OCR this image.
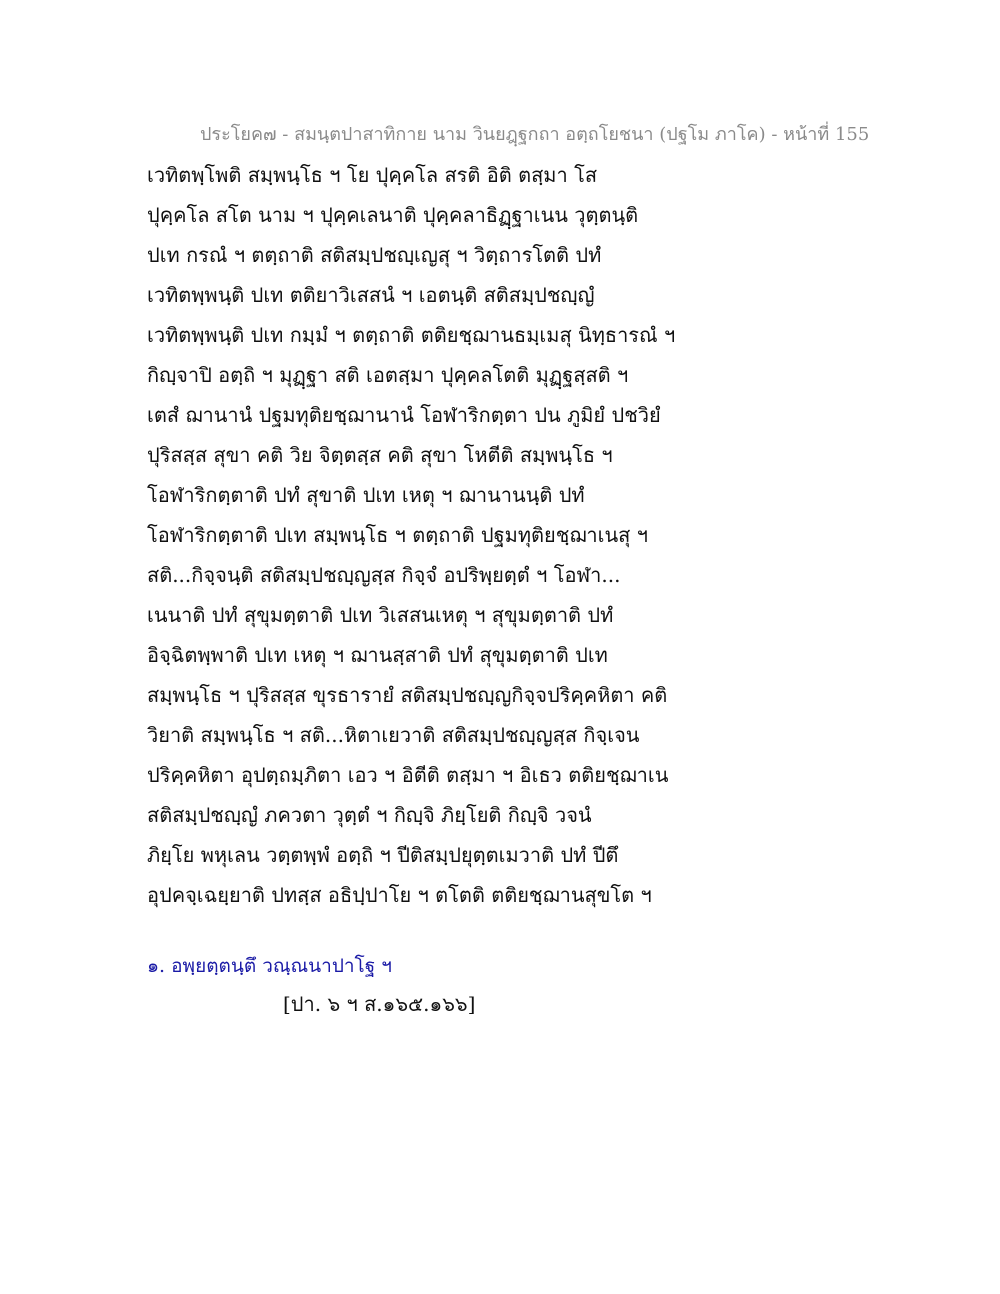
ประโยค๗ - สมนฺตปาสาทิกาย นาม วินยฎฺฐกถา อตฺถโยชนา (ปฐโม ภาโค) - หน้าที่ 155
เวทิตพฺโพติ สมฺพนฺโธ ฯ โย ปุคฺคโล สรติ อิติ ตสฺมา โส
ปุคฺคโล สโต นาม ฯ ปุคฺคเลนาติ ปุคฺคลาธิฏฺฐาเนน วุตฺตนฺติ
ปเท กรณํ ฯ ตตฺถาติ สติสมฺปชญฺเญสุ ฯ วิตฺถารโตติ ปทํ
เวทิตพฺพนฺติ ปเท ตติยาวิเสสนํ ฯ เอตนฺติ สติสมฺปชญฺญํ
เวทิตพฺพนฺติ ปเท กมฺมํ ฯ ตตฺถาติ ตติยชฺฌานธมฺเมสุ นิทฺธารณํ ฯ
กิญฺจาปิ อตฺถิ ฯ มุฏฺฐา สติ เอตสฺมา ปุคฺคลโตติ มุฏฺฐสฺสติ ฯ
เตสํ ฌานานํ ปฐมทุติยชฺฌานานํ โอฬาริกตฺตา ปน ภูมิยํ ปชวิยํ
ปุริสสฺส สุขา คติ วิย จิตฺตสฺส คติ สุขา โหตีติ สมฺพนฺโธ ฯ
โอฬาริกตฺตาติ ปทํ สุขาติ ปเท เหตุ ฯ ฌานานนฺติ ปทํ
โอฬาริกตฺตาติ ปเท สมฺพนฺโธ ฯ ตตฺถาติ ปฐมทุติยชฺฌาเนสุ ฯ
สติ...กิจฺจนฺติ สติสมฺปชญฺญสฺส กิจฺจํ อปริพฺยตฺตํ ฯ โอฬา...
เนนาติ ปทํ สุขุมตฺตาติ ปเท วิเสสนเหตุ ฯ สุขุมตฺตาติ ปทํ
อิจฺฉิตพฺพาติ ปเท เหตุ ฯ ฌานสฺสาติ ปทํ สุขุมตฺตาติ ปเท
สมฺพนฺโธ ฯ ปุริสสฺส ขุรธารายํ สติสมฺปชญฺญกิจฺจปริคฺคหิตา คติ
วิยาติ สมฺพนฺโธ ฯ สติ...หิตาเยวาติ สติสมฺปชญฺญสฺส กิจฺเจน
ปริคฺคหิตา อุปตฺถมฺภิตา เอว ฯ อิตีติ ตสฺมา ฯ อิเธว ตติยชฺฌาเน
สติสมฺปชญฺญํ ภควตา วุตฺตํ ฯ กิญฺจิ ภิยฺโยติ กิญฺจิ วจนํ
ภิยฺโย พหุเลน วตฺตพฺพํ อตฺถิ ฯ ปีติสมฺปยุตฺตเมวาติ ปทํ ปีตึ
อุปคจฺเฉยฺยาติ ปทสฺส อธิปฺปาโย ฯ ตโตติ ตติยชฺฌานสุขโต ฯ
๑. อพฺยตฺตนฺตึ วณฺณนาปาโฐ ฯ
[ปา. ๖ ฯ ส.๑๖๕.๑๖๖]
